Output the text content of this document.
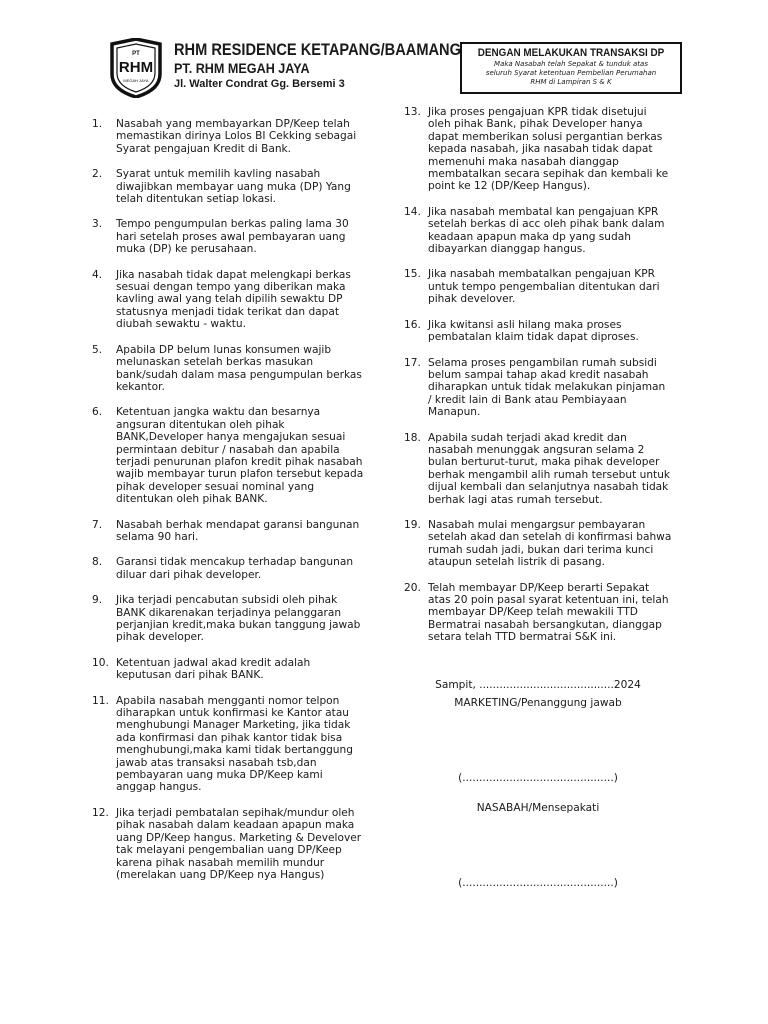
PT
RHM
MEGAH JAYA
RHM RESIDENCE KETAPANG/BAAMANG
PT. RHM MEGAH JAYA
Jl. Walter Condrat Gg. Bersemi 3
DENGAN MELAKUKAN TRANSAKSI DP
Maka Nasabah telah Sepakat & tunduk atas
seluruh Syarat ketentuan Pembelian Perumahan
RHM di Lampiran S & K
1.	Nasabah yang membayarkan DP/Keep telah memastikan dirinya Lolos BI Cekking sebagai Syarat pengajuan Kredit di Bank.
2.	Syarat untuk memilih kavling nasabah diwajibkan membayar uang muka (DP) Yang telah ditentukan setiap lokasi.
3.	Tempo pengumpulan berkas paling lama 30 hari setelah proses awal pembayaran uang muka (DP) ke perusahaan.
4.	Jika nasabah tidak dapat melengkapi berkas sesuai dengan tempo yang diberikan maka kavling awal yang telah dipilih sewaktu DP statusnya menjadi tidak terikat dan dapat diubah sewaktu - waktu.
5.	Apabila DP belum lunas konsumen wajib melunaskan setelah berkas masukan bank/sudah dalam masa pengumpulan berkas kekantor.
6.	Ketentuan jangka waktu dan besarnya angsuran ditentukan oleh pihak BANK,Developer hanya mengajukan sesuai permintaan debitur / nasabah dan apabila terjadi penurunan plafon kredit pihak nasabah wajib membayar turun plafon tersebut kepada pihak developer sesuai nominal yang ditentukan oleh pihak BANK.
7.	Nasabah berhak mendapat garansi bangunan selama 90 hari.
8.	Garansi tidak mencakup terhadap bangunan diluar dari pihak developer.
9.	Jika terjadi pencabutan subsidi oleh pihak BANK dikarenakan terjadinya pelanggaran perjanjian kredit,maka bukan tanggung jawab pihak developer.
10. Ketentuan jadwal akad kredit adalah keputusan dari pihak BANK.
11. Apabila nasabah mengganti nomor telpon diharapkan untuk konfirmasi ke Kantor atau menghubungi Manager Marketing, jika tidak ada konfirmasi dan pihak kantor tidak bisa menghubungi,maka kami tidak bertanggung jawab atas transaksi nasabah tsb,dan pembayaran uang muka DP/Keep kami anggap hangus.
12. Jika terjadi pembatalan sepihak/mundur oleh pihak nasabah dalam keadaan apapun maka uang DP/Keep hangus. Marketing & Develover tak melayani pengembalian uang DP/Keep karena pihak nasabah memilih mundur (merelakan uang DP/Keep nya Hangus)
13. Jika proses pengajuan KPR tidak disetujui oleh pihak Bank, pihak Developer hanya dapat memberikan solusi pergantian berkas kepada nasabah, jika nasabah tidak dapat memenuhi maka nasabah dianggap membatalkan secara sepihak dan kembali ke point ke 12 (DP/Keep Hangus).
14. Jika nasabah membatal kan pengajuan KPR setelah berkas di acc oleh pihak bank dalam keadaan apapun maka dp yang sudah dibayarkan dianggap hangus.
15. Jika nasabah membatalkan pengajuan KPR untuk tempo pengembalian ditentukan dari pihak develover.
16. Jika kwitansi asli hilang maka proses pembatalan klaim tidak dapat diproses.
17. Selama proses pengambilan rumah subsidi belum sampai tahap akad kredit nasabah diharapkan untuk tidak melakukan pinjaman / kredit lain di Bank atau Pembiayaan Manapun.
18. Apabila sudah terjadi akad kredit dan nasabah menunggak angsuran selama 2 bulan berturut-turut, maka pihak developer berhak mengambil alih rumah tersebut untuk dijual kembali dan selanjutnya nasabah tidak berhak lagi atas rumah tersebut.
19. Nasabah mulai mengargsur pembayaran setelah akad dan setelah di konfirmasi bahwa rumah sudah jadi, bukan dari terima kunci ataupun setelah listrik di pasang.
20. Telah membayar DP/Keep berarti Sepakat atas 20 poin pasal syarat ketentuan ini, telah membayar DP/Keep telah mewakili TTD Bermatrai nasabah bersangkutan, dianggap setara telah TTD bermatrai S&K ini.
Sampit, ........................................2024
MARKETING/Penanggung jawab
(.............................................)
NASABAH/Mensepakati
(.............................................)
